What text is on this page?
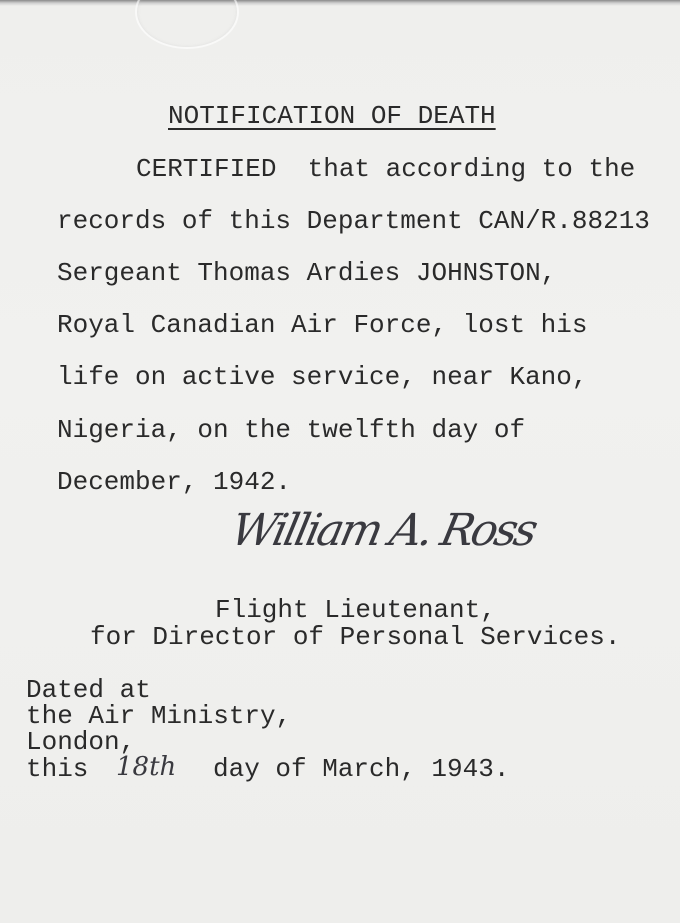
NOTIFICATION OF DEATH
CERTIFIED  that according to the
records of this Department CAN/R.88213
Sergeant Thomas Ardies JOHNSTON,
Royal Canadian Air Force, lost his
life on active service, near Kano,
Nigeria, on the twelfth day of
December, 1942.
William A. Ross
Flight Lieutenant,
for Director of Personal Services.
Dated at
the Air Ministry,
London,
this 18th day of March, 1943.
